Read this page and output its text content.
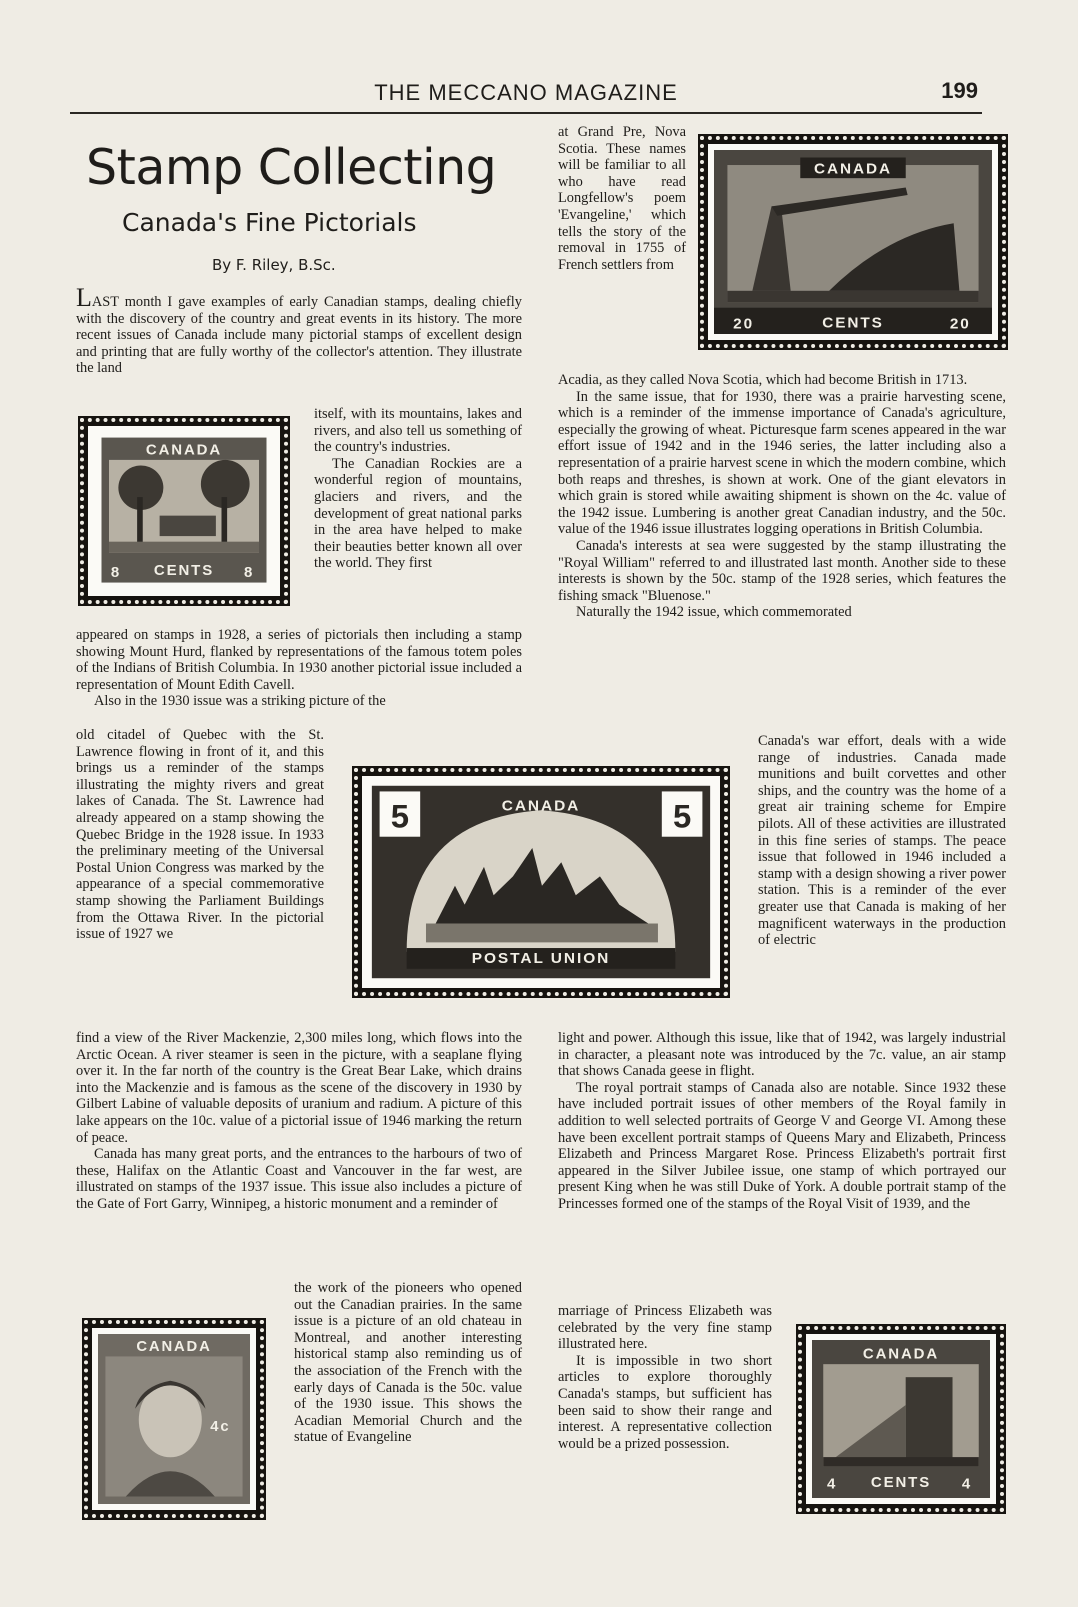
THE MECCANO MAGAZINE	199
Stamp Collecting
Canada's Fine Pictorials
By F. Riley, B.Sc.
CANADA
20	CENTS	20
CANADA
8 CENTS 8
5	5
CANADA
POSTAL UNION
CANADA
4c
CANADA
4 CENTS 4

LAST month I gave examples of early Canadian stamps, dealing chiefly with the discovery of the country and great events in its history. The more recent issues of Canada include many pictorial stamps of excellent design and printing that are fully worthy of the collector's attention. They illustrate the land

itself, with its mountains, lakes and rivers, and also tell us something of the country's industries.

The Canadian Rockies are a wonderful region of mountains, glaciers and rivers, and the development of great national parks in the area have helped to make their beauties better known all over the world. They first

appeared on stamps in 1928, a series of pictorials then including a stamp showing Mount Hurd, flanked by representations of the famous totem poles of the Indians of British Columbia. In 1930 another pictorial issue included a representation of Mount Edith Cavell.

Also in the 1930 issue was a striking picture of the

old citadel of Quebec with the St. Lawrence flowing in front of it, and this brings us a reminder of the stamps illustrating the mighty rivers and great lakes of Canada. The St. Lawrence had already appeared on a stamp showing the Quebec Bridge in the 1928 issue. In 1933 the preliminary meeting of the Universal Postal Union Congress was marked by the appearance of a special commemorative stamp showing the Parliament Buildings from the Ottawa River. In the pictorial issue of 1927 we

find a view of the River Mackenzie, 2,300 miles long, which flows into the Arctic Ocean. A river steamer is seen in the picture, with a seaplane flying over it. In the far north of the country is the Great Bear Lake, which drains into the Mackenzie and is famous as the scene of the discovery in 1930 by Gilbert Labine of valuable deposits of uranium and radium. A picture of this lake appears on the 10c. value of a pictorial issue of 1946 marking the return of peace.

Canada has many great ports, and the entrances to the harbours of two of these, Halifax on the Atlantic Coast and Vancouver in the far west, are illustrated on stamps of the 1937 issue. This issue also includes a picture of the Gate of Fort Garry, Winnipeg, a historic monument and a reminder of

the work of the pioneers who opened out the Canadian prairies. In the same issue is a picture of an old chateau in Montreal, and another interesting historical stamp also reminding us of the association of the French with the early days of Canada is the 50c. value of the 1930 issue. This shows the Acadian Memorial Church and the statue of Evangeline

at Grand Pre, Nova Scotia. These names will be familiar to all who have read Longfellow's poem 'Evangeline,' which tells the story of the removal in 1755 of French settlers from

Acadia, as they called Nova Scotia, which had become British in 1713.

In the same issue, that for 1930, there was a prairie harvesting scene, which is a reminder of the immense importance of Canada's agriculture, especially the growing of wheat. Picturesque farm scenes appeared in the war effort issue of 1942 and in the 1946 series, the latter including also a representation of a prairie harvest scene in which the modern combine, which both reaps and threshes, is shown at work. One of the giant elevators in which grain is stored while awaiting shipment is shown on the 4c. value of the 1942 issue. Lumbering is another great Canadian industry, and the 50c. value of the 1946 issue illustrates logging operations in British Columbia.

Canada's interests at sea were suggested by the stamp illustrating the "Royal William" referred to and illustrated last month. Another side to these interests is shown by the 50c. stamp of the 1928 series, which features the fishing smack "Bluenose."

Naturally the 1942 issue, which commemorated

Canada's war effort, deals with a wide range of industries. Canada made munitions and built corvettes and other ships, and the country was the home of a great air training scheme for Empire pilots. All of these activities are illustrated in this fine series of stamps. The peace issue that followed in 1946 included a stamp with a design showing a river power station. This is a reminder of the ever greater use that Canada is making of her magnificent waterways in the production of electric

light and power. Although this issue, like that of 1942, was largely industrial in character, a pleasant note was introduced by the 7c. value, an air stamp that shows Canada geese in flight.

The royal portrait stamps of Canada also are notable. Since 1932 these have included portrait issues of other members of the Royal family in addition to well selected portraits of George V and George VI. Among these have been excellent portrait stamps of Queens Mary and Elizabeth, Princess Elizabeth and Princess Margaret Rose. Princess Elizabeth's portrait first appeared in the Silver Jubilee issue, one stamp of which portrayed our present King when he was still Duke of York. A double portrait stamp of the Princesses formed one of the stamps of the Royal Visit of 1939, and the

marriage of Princess Elizabeth was celebrated by the very fine stamp illustrated here.

It is impossible in two short articles to explore thoroughly Canada's stamps, but sufficient has been said to show their range and interest. A representative collection would be a prized possession.
